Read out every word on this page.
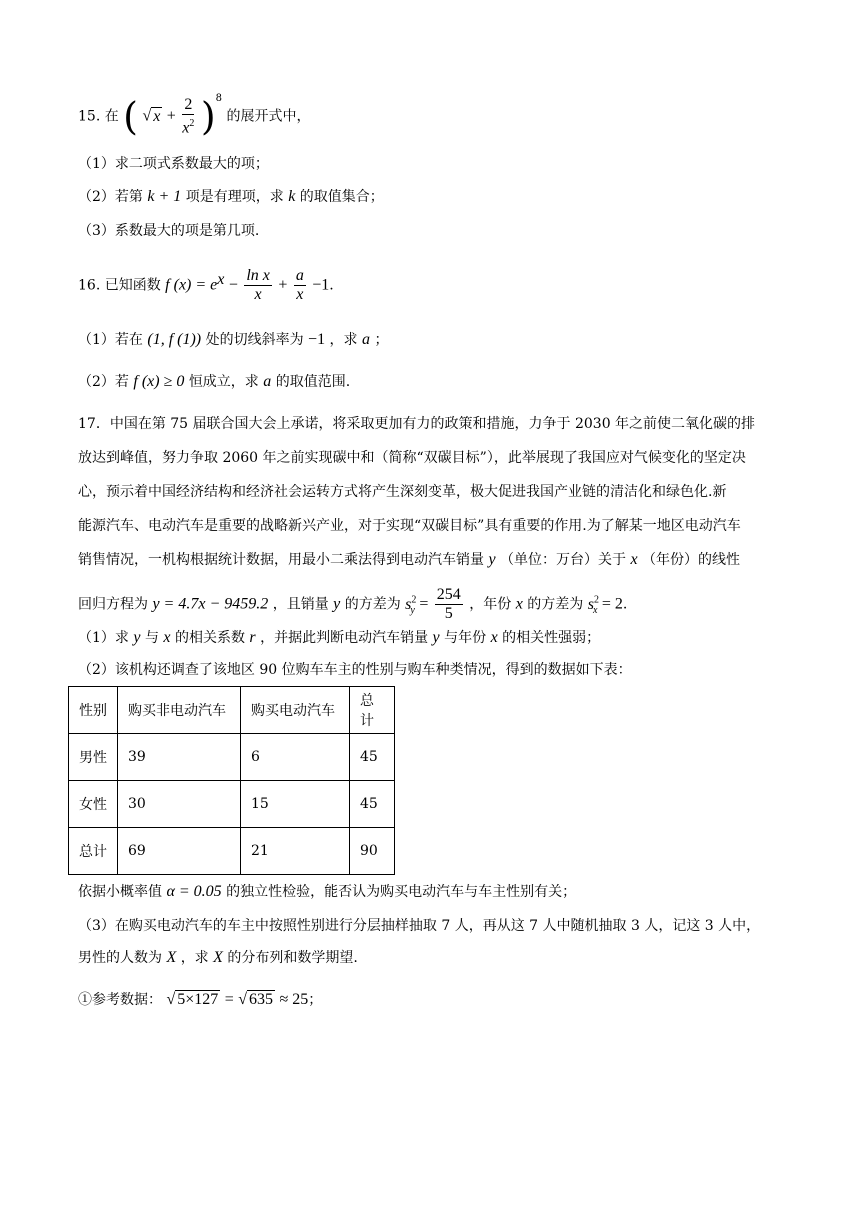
15. 在 ( √ $x + \frac{2}{x^2} )^8$ 的展开式中，
（1）求二项式系数最大的项；
（2）若第 k + 1 项是有理项，求 k 的取值集合；
（3）系数最大的项是第几项.
16. 已知函数 f $(x) = e^x - \frac{\text{ln x}}{x} + \frac{a}{x} -1$.
（1）若在 (1, f (1)) 处的切线斜率为 −1 ，求 a ；
（2）若 f (x) ≥ 0 恒成立，求 a 的取值范围.
17．中国在第 75 届联合国大会上承诺，将采取更加有力的政策和措施，力争于 2030 年之前使二氧化碳的排
放达到峰值，努力争取 2060 年之前实现碳中和（简称“双碳目标”），此举展现了我国应对气候变化的坚定决
心，预示着中国经济结构和经济社会运转方式将产生深刻变革，极大促进我国产业链的清洁化和绿色化.新
能源汽车、电动汽车是重要的战略新兴产业，对于实现“双碳目标”具有重要的作用.为了解某一地区电动汽车
销售情况，一机构根据统计数据，用最小二乘法得到电动汽车销量 y （单位：万台）关于 x （年份）的线性
回归方程为 y = 4.7x − 9459.2 ，且销量 y 的方差为 $s^2_y = \frac{254}{5}$ ，年份 x 的方差为 $s^2_x = 2$.
（1）求 y 与 x 的相关系数 r ，并据此判断电动汽车销量 y 与年份 x 的相关性强弱；
（2）该机构还调查了该地区 90 位购车车主的性别与购车种类情况，得到的数据如下表：
性别	购买非电动汽车	购买电动汽车	总计
男性	39	6	45
女性	30	15	45
总计	69	21	90
依据小概率值 α = 0.05 的独立性检验，能否认为购买电动汽车与车主性别有关；
（3）在购买电动汽车的车主中按照性别进行分层抽样抽取 7 人，再从这 7 人中随机抽取 3 人，记这 3 人中，
男性的人数为 X ，求 X 的分布列和数学期望.
①参考数据： √ 5×127 = √ 635 ≈ 25；
